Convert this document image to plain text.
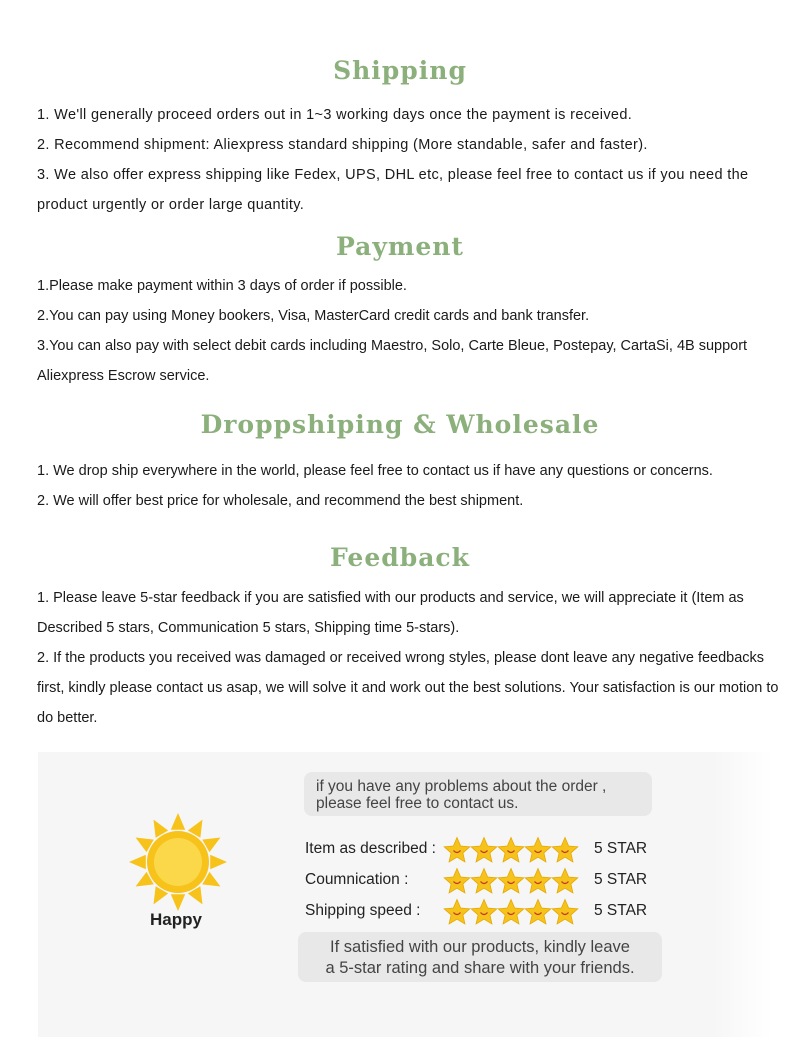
Shipping

1. We'll generally proceed orders out in 1~3 working days once the payment is received.

2. Recommend shipment: Aliexpress standard shipping (More standable, safer and faster).

3. We also offer express shipping like Fedex, UPS, DHL etc, please feel free to contact us if you need the product urgently or order large quantity.

Payment

1.Please make payment within 3 days of order if possible.

2.You can pay using Money bookers, Visa, MasterCard credit cards and bank transfer.

3.You can also pay with select debit cards including Maestro, Solo, Carte Bleue, Postepay, CartaSi, 4B support Aliexpress Escrow service.

Droppshiping & Wholesale

1. We drop ship everywhere in the world, please feel free to contact us if have any questions or concerns.

2. We will offer best price for wholesale, and recommend the best shipment.

Feedback

1. Please leave 5-star feedback if you are satisfied with our products and service, we will appreciate it (Item as Described 5 stars, Communication 5 stars, Shipping time 5-stars).

2. If the products you received was damaged or received wrong styles, please dont leave any negative feedbacks first, kindly please contact us asap, we will solve it and work out the best solutions. Your satisfaction is our motion to do better.

if you have any problems about the order ,
please feel free to contact us.
Happy
Item as described :	5 STAR
Coumnication :	5 STAR
Shipping speed :	5 STAR
If satisfied with our products, kindly leave
a 5-star rating and share with your friends.
